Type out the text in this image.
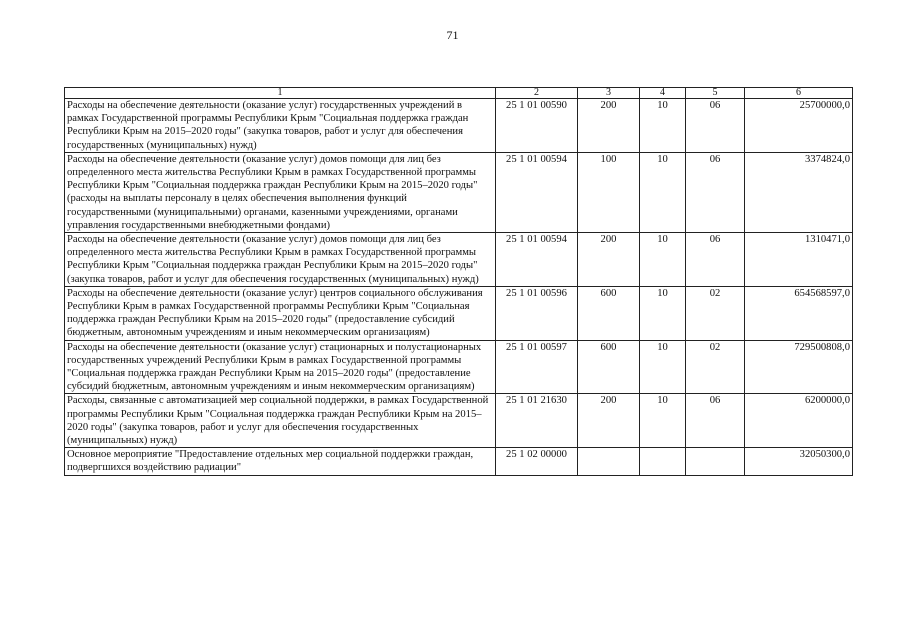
71
1	2	3	4	5	6
Расходы на обеспечение деятельности (оказание услуг) государственных учреждений в рамках Государственной программы Республики Крым "Социальная поддержка граждан Республики Крым на 2015–2020 годы" (закупка товаров, работ и услуг для обеспечения государственных (муниципальных) нужд)	25 1 01 00590	200	10	06	25700000,0
Расходы на обеспечение деятельности (оказание услуг) домов помощи для лиц без определенного места жительства Республики Крым в рамках Государственной программы Республики Крым "Социальная поддержка граждан Республики Крым на 2015–2020 годы" (расходы на выплаты персоналу в целях обеспечения выполнения функций государственными (муниципальными) органами, казенными учреждениями, органами управления государственными внебюджетными фондами)	25 1 01 00594	100	10	06	3374824,0
Расходы на обеспечение деятельности (оказание услуг) домов помощи для лиц без определенного места жительства Республики Крым в рамках Государственной программы Республики Крым "Социальная поддержка граждан Республики Крым на 2015–2020 годы" (закупка товаров, работ и услуг для обеспечения государственных (муниципальных) нужд)	25 1 01 00594	200	10	06	1310471,0
Расходы на обеспечение деятельности (оказание услуг) центров социального обслуживания Республики Крым в рамках Государственной программы Республики Крым "Социальная поддержка граждан Республики Крым на 2015–2020 годы" (предоставление субсидий бюджетным, автономным учреждениям и иным некоммерческим организациям)	25 1 01 00596	600	10	02	654568597,0
Расходы на обеспечение деятельности (оказание услуг) стационарных и полустационарных государственных учреждений Республики Крым в рамках Государственной программы "Социальная поддержка граждан Республики Крым на 2015–2020 годы" (предоставление субсидий бюджетным, автономным учреждениям и иным некоммерческим организациям)	25 1 01 00597	600	10	02	729500808,0
Расходы, связанные с автоматизацией мер социальной поддержки, в рамках Государственной программы Республики Крым "Социальная поддержка граждан Республики Крым на 2015–2020 годы" (закупка товаров, работ и услуг для обеспечения государственных (муниципальных) нужд)	25 1 01 21630	200	10	06	6200000,0
Основное мероприятие "Предоставление отдельных мер социальной поддержки граждан, подвергшихся воздействию радиации"	25 1 02 00000				32050300,0
